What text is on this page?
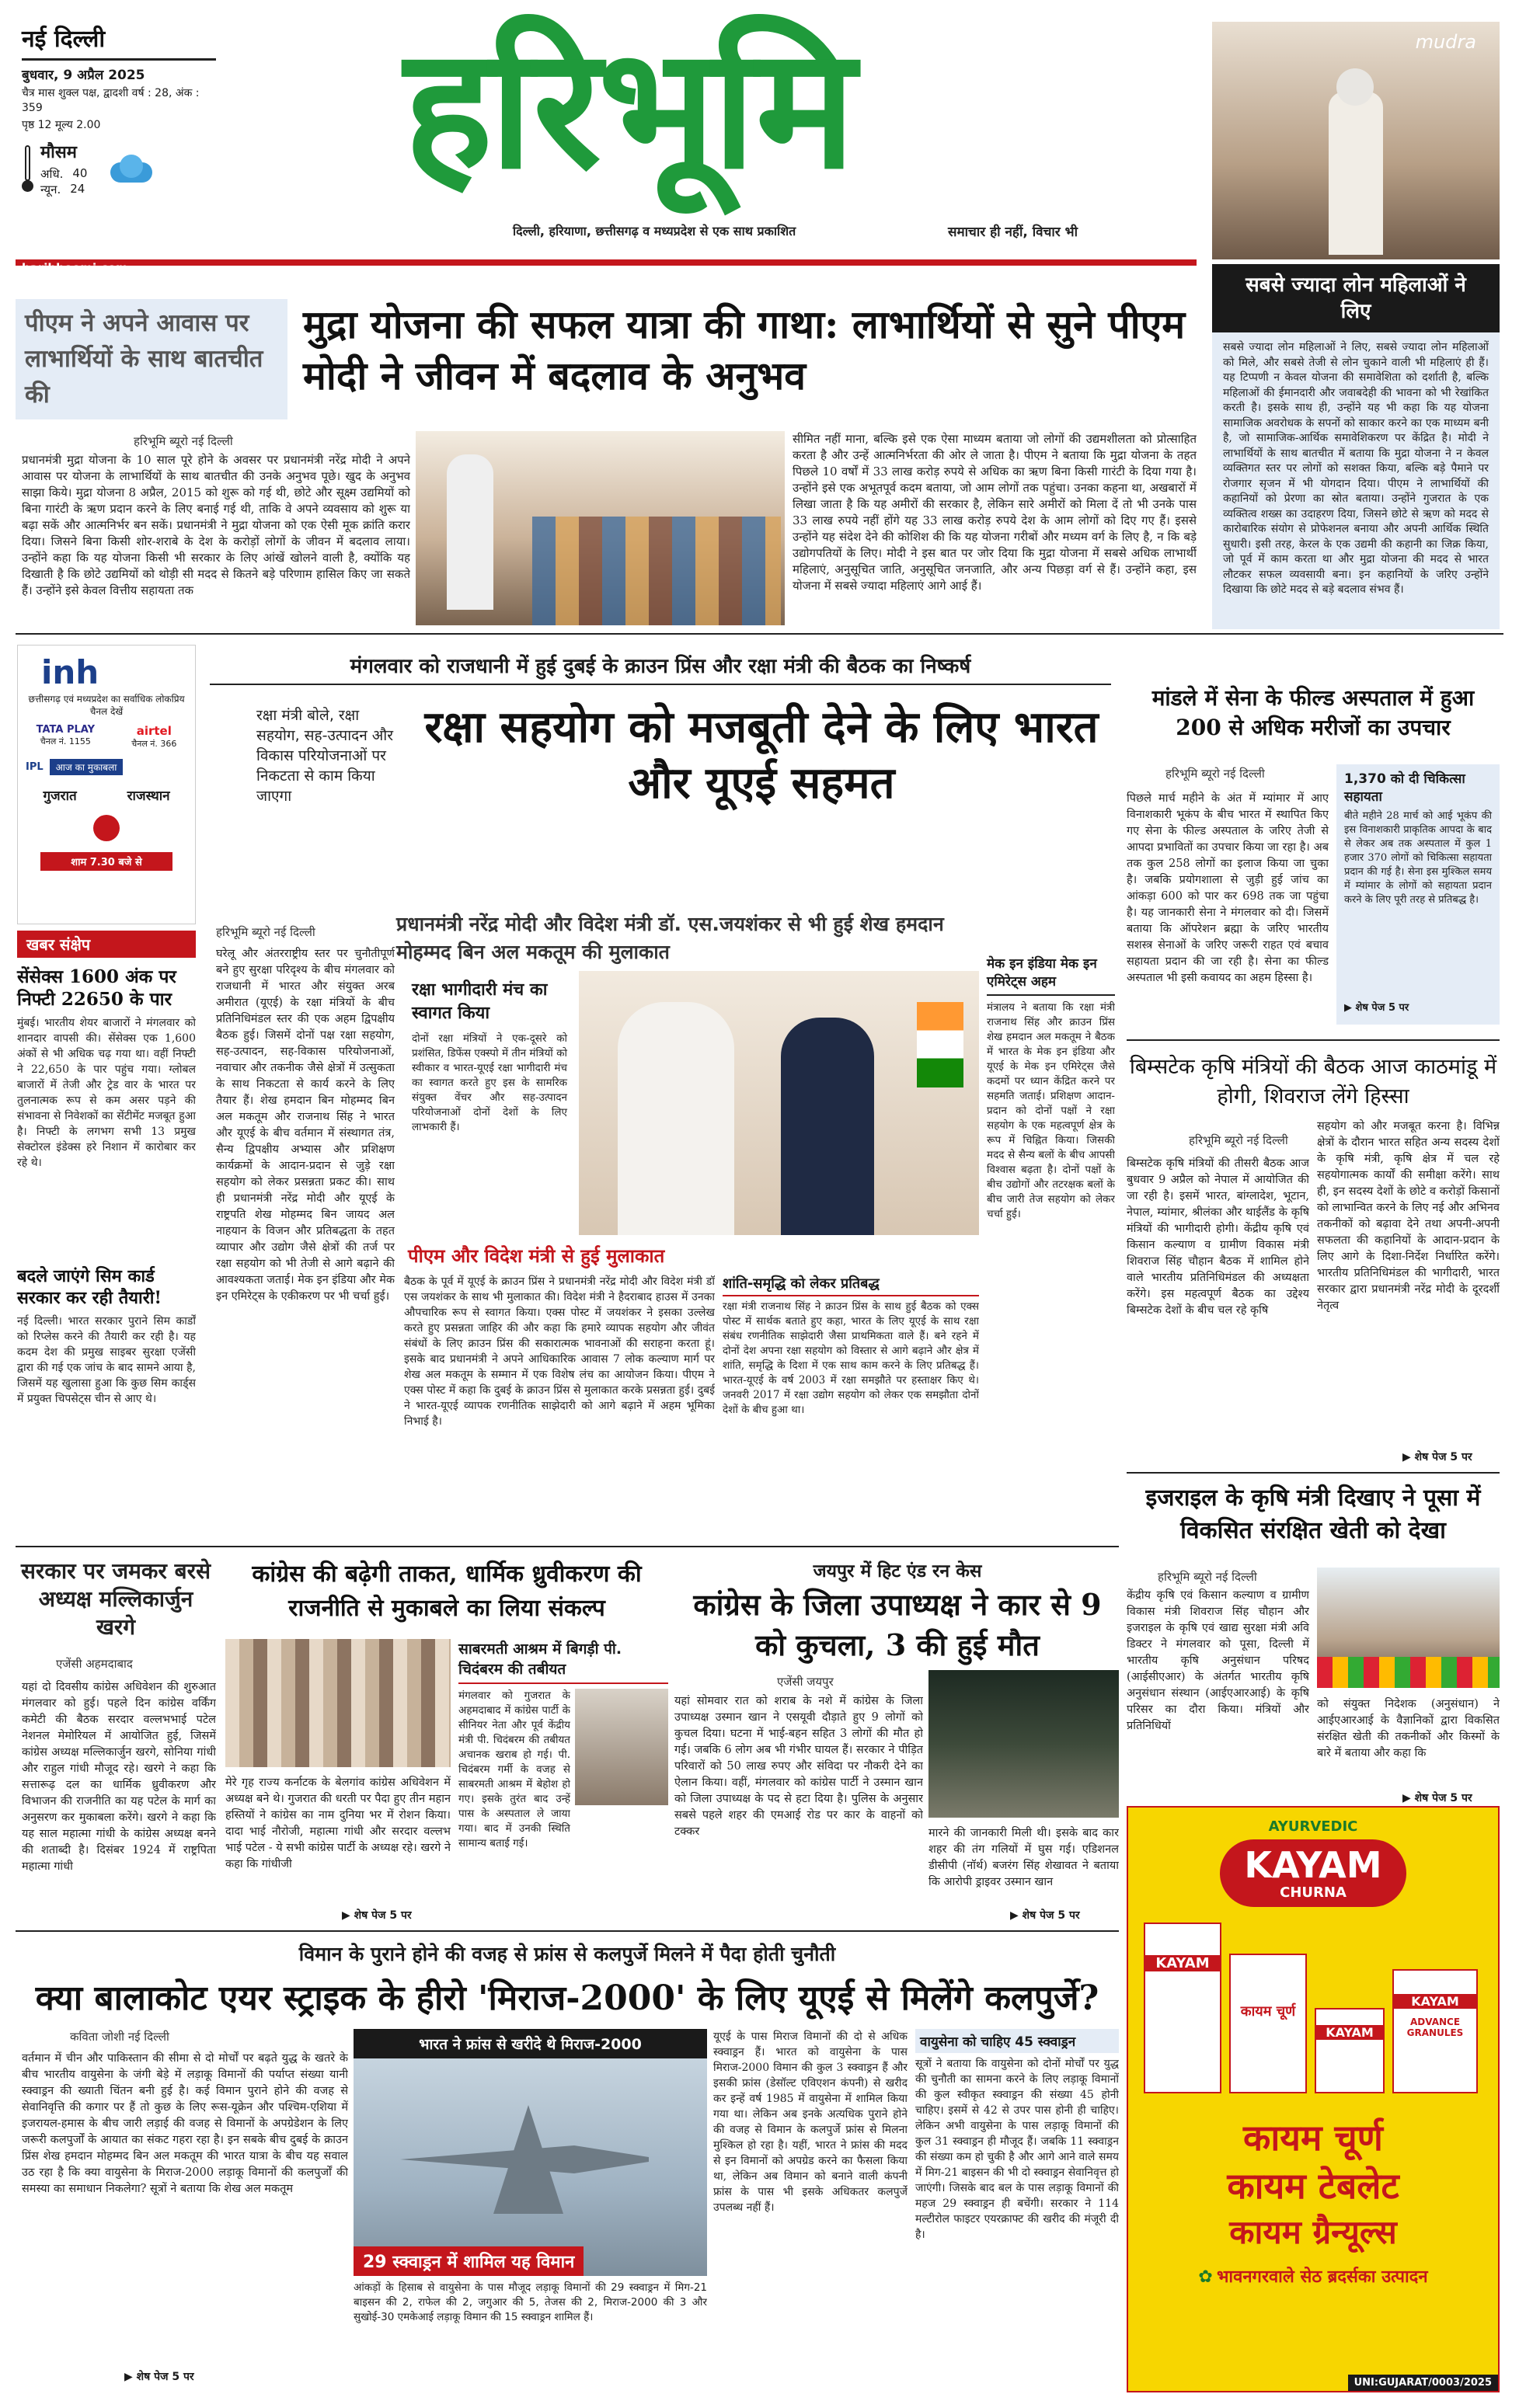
नई दिल्ली
बुधवार, 9 अप्रैल 2025
चैत्र मास शुक्ल पक्ष, द्वादशी वर्ष : 28, अंक : 359
पृष्ठ 12 मूल्य 2.00
मौसम
अधि. 40
न्यून. 24 हरिभूमि
दिल्ली, हरियाणा, छत्तीसगढ़ व मध्यप्रदेश से एक साथ प्रकाशित	समाचार ही नहीं, विचार भी
mudra
haribhoomi.com
पीएम ने अपने आवास पर लाभार्थियों के साथ बातचीत की
मुद्रा योजना की सफल यात्रा की गाथा: लाभार्थियों से सुने पीएम मोदी ने जीवन में बदलाव के अनुभव
हरिभूमि ब्यूरो नई दिल्ली
प्रधानमंत्री मुद्रा योजना के 10 साल पूरे होने के अवसर पर प्रधानमंत्री नरेंद्र मोदी ने अपने आवास पर योजना के लाभार्थियों के साथ बातचीत की उनके अनुभव पूछे। खुद के अनुभव साझा किये। मुद्रा योजना 8 अप्रैल, 2015 को शुरू को गई थी, छोटे और सूक्ष्म उद्यमियों को बिना गारंटी के ऋण प्रदान करने के लिए बनाई गई थी, ताकि वे अपने व्यवसाय को शुरू या बढ़ा सकें और आत्मनिर्भर बन सकें। प्रधानमंत्री ने मुद्रा योजना को एक ऐसी मूक क्रांति करार दिया। जिसने बिना किसी शोर-शराबे के देश के करोड़ों लोगों के जीवन में बदलाव लाया। उन्होंने कहा कि यह योजना किसी भी सरकार के लिए आंखें खोलने वाली है, क्योंकि यह दिखाती है कि छोटे उद्यमियों को थोड़ी सी मदद से कितने बड़े परिणाम हासिल किए जा सकते हैं। उन्होंने इसे केवल वित्तीय सहायता तक
सीमित नहीं माना, बल्कि इसे एक ऐसा माध्यम बताया जो लोगों की उद्यमशीलता को प्रोत्साहित करता है और उन्हें आत्मनिर्भरता की ओर ले जाता है। पीएम ने बताया कि मुद्रा योजना के तहत पिछले 10 वर्षों में 33 लाख करोड़ रुपये से अधिक का ऋण बिना किसी गारंटी के दिया गया है। उन्होंने इसे एक अभूतपूर्व कदम बताया, जो आम लोगों तक पहुंचा। उनका कहना था, अखबारों में लिखा जाता है कि यह अमीरों की सरकार है, लेकिन सारे अमीरों को मिला दें तो भी उनके पास 33 लाख रुपये नहीं होंगे यह 33 लाख करोड़ रुपये देश के आम लोगों को दिए गए हैं। इससे उन्होंने यह संदेश देने की कोशिश की कि यह योजना गरीबों और मध्यम वर्ग के लिए है, न कि बड़े उद्योगपतियों के लिए। मोदी ने इस बात पर जोर दिया कि मुद्रा योजना में सबसे अधिक लाभार्थी महिलाएं, अनुसूचित जाति, अनुसूचित जनजाति, और अन्य पिछड़ा वर्ग से हैं। उन्होंने कहा, इस योजना में सबसे ज्यादा महिलाएं आगे आई हैं।
सबसे ज्यादा लोन महिलाओं ने लिए
सबसे ज्यादा लोन महिलाओं ने लिए, सबसे ज्यादा लोन महिलाओं को मिले, और सबसे तेजी से लोन चुकाने वाली भी महिलाएं ही हैं। यह टिप्पणी न केवल योजना की समावेशिता को दर्शाती है, बल्कि महिलाओं की ईमानदारी और जवाबदेही की भावना को भी रेखांकित करती है। इसके साथ ही, उन्होंने यह भी कहा कि यह योजना सामाजिक अवरोधक के सपनों को साकार करने का एक माध्यम बनी है, जो सामाजिक-आर्थिक समावेशिकरण पर केंद्रित है। मोदी ने लाभार्थियों के साथ बातचीत में बताया कि मुद्रा योजना ने न केवल व्यक्तिगत स्तर पर लोगों को सशक्त किया, बल्कि बड़े पैमाने पर रोजगार सृजन में भी योगदान दिया। पीएम ने लाभार्थियों की कहानियों को प्रेरणा का स्रोत बताया। उन्होंने गुजरात के एक व्यक्तित्व शख्स का उदाहरण दिया, जिसने छोटे से ऋण को मदद से कारोबारिक संयोग से प्रोफेशनल बनाया और अपनी आर्थिक स्थिति सुधारी। इसी तरह, केरल के एक उद्यमी की कहानी का जिक्र किया, जो पूर्व में काम करता था और मुद्रा योजना की मदद से भारत लौटकर सफल व्यवसायी बना। इन कहानियों के जरिए उन्होंने दिखाया कि छोटे मदद से बड़े बदलाव संभव हैं।
inh
छत्तीसगढ़ एवं मध्यप्रदेश का सर्वाधिक लोकप्रिय चैनल देखें
TATA PLAY
चैनल नं. 1155
airtel
चैनल नं. 366
IPL	आज का मुकाबला
गुजरात	राजस्थान
शाम 7.30 बजे से
खबर संक्षेप
सेंसेक्स 1600 अंक पर निफ्टी 22650 के पार
मुंबई। भारतीय शेयर बाजारों ने मंगलवार को शानदार वापसी की। सेंसेक्स एक 1,600 अंकों से भी अधिक चढ़ गया था। वहीं निफ्टी ने 22,650 के पार पहुंच गया। ग्लोबल बाजारों में तेजी और ट्रेड वार के भारत पर तुलनात्मक रूप से कम असर पड़ने की संभावना से निवेशकों का सेंटीमेंट मजबूत हुआ है। निफ्टी के लगभग सभी 13 प्रमुख सेक्टोरल इंडेक्स हरे निशान में कारोबार कर रहे थे।
बदले जाएंगे सिम कार्ड सरकार कर रही तैयारी!
नई दिल्ली। भारत सरकार पुराने सिम कार्डों को रिप्लेस करने की तैयारी कर रही है। यह कदम देश की प्रमुख साइबर सुरक्षा एजेंसी द्वारा की गई एक जांच के बाद सामने आया है, जिसमें यह खुलासा हुआ कि कुछ सिम कार्ड्स में प्रयुक्त चिपसेट्स चीन से आए थे।
मंगलवार को राजधानी में हुई दुबई के क्राउन प्रिंस और रक्षा मंत्री की बैठक का निष्कर्ष
रक्षा मंत्री बोले, रक्षा सहयोग, सह-उत्पादन और विकास परियोजनाओं पर निकटता से काम किया जाएगा
रक्षा सहयोग को मजबूती देने के लिए भारत और यूएई सहमत
हरिभूमि ब्यूरो नई दिल्ली	प्रधानमंत्री नरेंद्र मोदी और विदेश मंत्री डॉ. एस.जयशंकर से भी हुई शेख हमदान मोहम्मद बिन अल मकतूम की मुलाकात
घरेलू और अंतरराष्ट्रीय स्तर पर चुनौतीपूर्ण बने हुए सुरक्षा परिदृश्य के बीच मंगलवार को राजधानी में भारत और संयुक्त अरब अमीरात (यूएई) के रक्षा मंत्रियों के बीच प्रतिनिधिमंडल स्तर की एक अहम द्विपक्षीय बैठक हुई। जिसमें दोनों पक्ष रक्षा सहयोग, सह-उत्पादन, सह-विकास परियोजनाओं, नवाचार और तकनीक जैसे क्षेत्रों में उत्सुकता के साथ निकटता से कार्य करने के लिए तैयार हैं। शेख हमदान बिन मोहम्मद बिन अल मकतूम और राजनाथ सिंह ने भारत और यूएई के बीच वर्तमान में संस्थागत तंत्र, सैन्य द्विपक्षीय अभ्यास और प्रशिक्षण कार्यक्रमों के आदान-प्रदान से जुड़े रक्षा सहयोग को लेकर प्रसन्नता प्रकट की। साथ ही प्रधानमंत्री नरेंद्र मोदी और यूएई के राष्ट्रपति शेख मोहम्मद बिन जायद अल नाहयान के विजन और प्रतिबद्धता के तहत व्यापार और उद्योग जैसे क्षेत्रों की तर्ज पर रक्षा सहयोग को भी तेजी से आगे बढ़ाने की आवश्यकता जताई। मेक इन इंडिया और मेक इन एमिरेट्स के एकीकरण पर भी चर्चा हुई।
रक्षा भागीदारी मंच का स्वागत किया
दोनों रक्षा मंत्रियों ने एक-दूसरे को प्रशंसित, डिफेंस एक्स्पो में तीन मंत्रियों को स्वीकार व भारत-यूएई रक्षा भागीदारी मंच का स्वागत करते हुए इस के सामरिक संयुक्त वेंचर और सह-उत्पादन परियोजनाओं दोनों देशों के लिए लाभकारी हैं।
पीएम और विदेश मंत्री से हुई मुलाकात
बैठक के पूर्व में यूएई के क्राउन प्रिंस ने प्रधानमंत्री नरेंद्र मोदी और विदेश मंत्री डॉ एस जयशंकर के साथ भी मुलाकात की। विदेश मंत्री ने हैदराबाद हाउस में उनका औपचारिक रूप से स्वागत किया। एक्स पोस्ट में जयशंकर ने इसका उल्लेख करते हुए प्रसन्नता जाहिर की और कहा कि हमारे व्यापक सहयोग और जीवंत संबंधों के लिए क्राउन प्रिंस की सकारात्मक भावनाओं की सराहना करता हूं। इसके बाद प्रधानमंत्री ने अपने आधिकारिक आवास 7 लोक कल्याण मार्ग पर शेख अल मकतूम के सम्मान में एक विशेष लंच का आयोजन किया। पीएम ने एक्स पोस्ट में कहा कि दुबई के क्राउन प्रिंस से मुलाकात करके प्रसन्नता हुई। दुबई ने भारत-यूएई व्यापक रणनीतिक साझेदारी को आगे बढ़ाने में अहम भूमिका निभाई है।
शांति-समृद्धि को लेकर प्रतिबद्ध
रक्षा मंत्री राजनाथ सिंह ने क्राउन प्रिंस के साथ हुई बैठक को एक्स पोस्ट में सार्थक बताते हुए कहा, भारत के लिए यूएई के साथ रक्षा संबंध रणनीतिक साझेदारी जैसा प्राथमिकता वाले हैं। बने रहने में दोनों देश अपना रक्षा सहयोग को विस्तार से आगे बढ़ाने और क्षेत्र में शांति, समृद्धि के दिशा में एक साथ काम करने के लिए प्रतिबद्ध हैं। भारत-यूएई के वर्ष 2003 में रक्षा समझौते पर हस्ताक्षर किए थे। जनवरी 2017 में रक्षा उद्योग सहयोग को लेकर एक समझौता दोनों देशों के बीच हुआ था।
मेक इन इंडिया मेक इन एमिरेट्स अहम
मंत्रालय ने बताया कि रक्षा मंत्री राजनाथ सिंह और क्राउन प्रिंस शेख हमदान अल मकतूम ने बैठक में भारत के मेक इन इंडिया और यूएई के मेक इन एमिरेट्स जैसे कदमों पर ध्यान केंद्रित करने पर सहमति जताई। प्रशिक्षण आदान-प्रदान को दोनों पक्षों ने रक्षा सहयोग के एक महत्वपूर्ण क्षेत्र के रूप में चिह्नित किया। जिसकी मदद से सैन्य बलों के बीच आपसी विश्वास बढ़ता है। दोनों पक्षों के बीच उद्योगों और तटरक्षक बलों के बीच जारी तेज सहयोग को लेकर चर्चा हुई।
मांडले में सेना के फील्ड अस्पताल में हुआ 200 से अधिक मरीजों का उपचार
हरिभूमि ब्यूरो नई दिल्ली
पिछले मार्च महीने के अंत में म्यांमार में आए विनाशकारी भूकंप के बीच भारत में स्थापित किए गए सेना के फील्ड अस्पताल के जरिए तेजी से आपदा प्रभावितों का उपचार किया जा रहा है। अब तक कुल 258 लोगों का इलाज किया जा चुका है। जबकि प्रयोगशाला से जुड़ी हुई जांच का आंकड़ा 600 को पार कर 698 तक जा पहुंचा है। यह जानकारी सेना ने मंगलवार को दी। जिसमें बताया कि ऑपरेशन ब्रह्मा के जरिए भारतीय सशस्त्र सेनाओं के जरिए जरूरी राहत एवं बचाव सहायता प्रदान की जा रही है। सेना का फील्ड अस्पताल भी इसी कवायद का अहम हिस्सा है।
1,370 को दी चिकित्सा सहायता
बीते महीने 28 मार्च को आई भूकंप की इस विनाशकारी प्राकृतिक आपदा के बाद से लेकर अब तक अस्पताल में कुल 1 हजार 370 लोगों को चिकित्सा सहायता प्रदान की गई है। सेना इस मुश्किल समय में म्यांमार के लोगों को सहायता प्रदान करने के लिए पूरी तरह से प्रतिबद्ध है।
▶ शेष पेज 5 पर
बिम्सटेक कृषि मंत्रियों की बैठक आज काठमांडू में होगी, शिवराज लेंगे हिस्सा
हरिभूमि ब्यूरो नई दिल्ली
बिम्सटेक कृषि मंत्रियों की तीसरी बैठक आज बुधवार 9 अप्रैल को नेपाल में आयोजित की जा रही है। इसमें भारत, बांग्लादेश, भूटान, नेपाल, म्यांमार, श्रीलंका और थाईलैंड के कृषि मंत्रियों की भागीदारी होगी। केंद्रीय कृषि एवं किसान कल्याण व ग्रामीण विकास मंत्री शिवराज सिंह चौहान बैठक में शामिल होने वाले भारतीय प्रतिनिधिमंडल की अध्यक्षता करेंगे। इस महत्वपूर्ण बैठक का उद्देश्य बिम्सटेक देशों के बीच चल रहे कृषि
सहयोग को और मजबूत करना है। विभिन्न क्षेत्रों के दौरान भारत सहित अन्य सदस्य देशों के कृषि मंत्री, कृषि क्षेत्र में चल रहे सहयोगात्मक कार्यों की समीक्षा करेंगे। साथ ही, इन सदस्य देशों के छोटे व करोड़ों किसानों को लाभान्वित करने के लिए नई और अभिनव तकनीकों को बढ़ावा देने तथा अपनी-अपनी सफलता की कहानियों के आदान-प्रदान के लिए आगे के दिशा-निर्देश निर्धारित करेंगे। भारतीय प्रतिनिधिमंडल की भागीदारी, भारत सरकार द्वारा प्रधानमंत्री नरेंद्र मोदी के दूरदर्शी नेतृत्व
▶ शेष पेज 5 पर
इजराइल के कृषि मंत्री दिखाए ने पूसा में विकसित संरक्षित खेती को देखा
हरिभूमि ब्यूरो नई दिल्ली
केंद्रीय कृषि एवं किसान कल्याण व ग्रामीण विकास मंत्री शिवराज सिंह चौहान और इजराइल के कृषि एवं खाद्य सुरक्षा मंत्री अवि डिक्टर ने मंगलवार को पूसा, दिल्ली में भारतीय कृषि अनुसंधान परिषद (आईसीएआर) के अंतर्गत भारतीय कृषि अनुसंधान संस्थान (आईएआरआई) के कृषि परिसर का दौरा किया। मंत्रियों और प्रतिनिधियों
को संयुक्त निदेशक (अनुसंधान) ने आईएआरआई के वैज्ञानिकों द्वारा विकसित संरक्षित खेती की तकनीकों और किस्मों के बारे में बताया और कहा कि
▶ शेष पेज 5 पर
सरकार पर जमकर बरसे अध्यक्ष मल्लिकार्जुन खरगे
एजेंसी अहमदाबाद
यहां दो दिवसीय कांग्रेस अधिवेशन की शुरुआत मंगलवार को हुई। पहले दिन कांग्रेस वर्किंग कमेटी की बैठक सरदार वल्लभभाई पटेल नेशनल मेमोरियल में आयोजित हुई, जिसमें कांग्रेस अध्यक्ष मल्लिकार्जुन खरगे, सोनिया गांधी और राहुल गांधी मौजूद रहे। खरगे ने कहा कि सत्तारूढ़ दल का धार्मिक ध्रुवीकरण और विभाजन की राजनीति का यह पटेल के मार्ग का अनुसरण कर मुकाबला करेंगे। खरगे ने कहा कि यह साल महात्मा गांधी के कांग्रेस अध्यक्ष बनने की शताब्दी है। दिसंबर 1924 में राष्ट्रपिता महात्मा गांधी
कांग्रेस की बढ़ेगी ताकत, धार्मिक ध्रुवीकरण की राजनीति से मुकाबले का लिया संकल्प
साबरमती आश्रम में बिगड़ी पी. चिदंबरम की तबीयत
मंगलवार को गुजरात के अहमदाबाद में कांग्रेस पार्टी के सीनियर नेता और पूर्व केंद्रीय मंत्री पी. चिदंबरम की तबीयत अचानक खराब हो गई। पी. चिदंबरम गर्मी के वजह से साबरमती आश्रम में बेहोश हो गए। इसके तुरंत बाद उन्हें पास के अस्पताल ले जाया गया। बाद में उनकी स्थिति सामान्य बताई गई।
मेरे गृह राज्य कर्नाटक के बेलगांव कांग्रेस अधिवेशन में अध्यक्ष बने थे। गुजरात की धरती पर पैदा हुए तीन महान हस्तियों ने कांग्रेस का नाम दुनिया भर में रोशन किया। दादा भाई नौरोजी, महात्मा गांधी और सरदार वल्लभ भाई पटेल - ये सभी कांग्रेस पार्टी के अध्यक्ष रहे। खरगे ने कहा कि गांधीजी
▶ शेष पेज 5 पर
जयपुर में हिट एंड रन केस
कांग्रेस के जिला उपाध्यक्ष ने कार से 9 को कुचला, 3 की हुई मौत
एजेंसी जयपुर
यहां सोमवार रात को शराब के नशे में कांग्रेस के जिला उपाध्यक्ष उस्मान खान ने एसयूवी दौड़ाते हुए 9 लोगों को कुचल दिया। घटना में भाई-बहन सहित 3 लोगों की मौत हो गई। जबकि 6 लोग अब भी गंभीर घायल हैं। सरकार ने पीड़ित परिवारों को 50 लाख रुपए और संविदा पर नौकरी देने का ऐलान किया। वहीं, मंगलवार को कांग्रेस पार्टी ने उस्मान खान को जिला उपाध्यक्ष के पद से हटा दिया है। पुलिस के अनुसार सबसे पहले शहर की एमआई रोड पर कार के वाहनों को टक्कर	मारने की जानकारी मिली थी। इसके बाद कार शहर की तंग गलियों में घुस गई। एडिशनल डीसीपी (नॉर्थ) बजरंग सिंह शेखावत ने बताया कि आरोपी ड्राइवर उस्मान खान
▶ शेष पेज 5 पर
विमान के पुराने होने की वजह से फ्रांस से कलपुर्जे मिलने में पैदा होती चुनौती
क्या बालाकोट एयर स्ट्राइक के हीरो 'मिराज-2000' के लिए यूएई से मिलेंगे कलपुर्जे?
कविता जोशी नई दिल्ली
वर्तमान में चीन और पाकिस्तान की सीमा से दो मोर्चों पर बढ़ते युद्ध के खतरे के बीच भारतीय वायुसेना के जंगी बेड़े में लड़ाकू विमानों की पर्याप्त संख्या यानी स्क्वाड्रन की ख्याती चिंतन बनी हुई है। कई विमान पुराने होने की वजह से सेवानिवृत्ति की कगार पर हैं तो कुछ के लिए रूस-यूक्रेन और पश्चिम-एशिया में इजरायल-हमास के बीच जारी लड़ाई की वजह से विमानों के अपग्रेडेशन के लिए जरूरी कलपुर्जों के आयात का संकट गहरा रहा है। इन सबके बीच दुबई के क्राउन प्रिंस शेख हमदान मोहम्मद बिन अल मकतूम की भारत यात्रा के बीच यह सवाल उठ रहा है कि क्या वायुसेना के मिराज-2000 लड़ाकू विमानों की कलपुर्जों की समस्या का समाधान निकलेगा? सूत्रों ने बताया कि शेख अल मकतूम
भारत ने फ्रांस से खरीदे थे मिराज-2000
29 स्क्वाड्रन में शामिल यह विमान
आंकड़ों के हिसाब से वायुसेना के पास मौजूद लड़ाकू विमानों की 29 स्क्वाड्रन में मिग-21 बाइसन की 2, राफेल की 2, जगुआर की 5, तेजस की 2, मिराज-2000 की 3 और सुखोई-30 एमकेआई लड़ाकू विमान की 15 स्क्वाड्रन शामिल हैं।
यूएई के पास मिराज विमानों की दो से अधिक स्क्वाड्रन हैं। भारत को वायुसेना के पास मिराज-2000 विमान की कुल 3 स्क्वाड्रन हैं और इसकी फ्रांस (डेसॉल्ट एविएशन कंपनी) से खरीद कर इन्हें वर्ष 1985 में वायुसेना में शामिल किया गया था। लेकिन अब इनके अत्यधिक पुराने होने की वजह से विमान के कलपुर्जे फ्रांस से मिलना मुश्किल हो रहा है। यहीं, भारत ने फ्रांस की मदद से इन विमानों को अपग्रेड करने का फैसला किया था, लेकिन अब विमान को बनाने वाली कंपनी फ्रांस के पास भी इसके अधिकतर कलपुर्जे उपलब्ध नहीं हैं।
वायुसेना को चाहिए 45 स्क्वाड्रन
सूत्रों ने बताया कि वायुसेना को दोनों मोर्चों पर युद्ध की चुनौती का सामना करने के लिए लड़ाकू विमानों की कुल स्वीकृत स्क्वाड्रन की संख्या 45 होनी चाहिए। इसमें से 42 से उपर पास होनी ही चाहिए। लेकिन अभी वायुसेना के पास लड़ाकू विमानों की कुल 31 स्क्वाड्रन ही मौजूद हैं। जबकि 11 स्क्वाड्रन की संख्या कम हो चुकी है और आगे आने वाले समय में मिग-21 बाइसन की भी दो स्क्वाड्रन सेवानिवृत्त हो जाएंगी। जिसके बाद बल के पास लड़ाकू विमानों की महज 29 स्क्वाड्रन ही बचेंगी। सरकार ने 114 मल्टीरोल फाइटर एयरक्राफ्ट की खरीद की मंजूरी दी है।
▶ शेष पेज 5 पर
AYURVEDIC
KAYAM
CHURNA
KAYAM
कायम चूर्ण
KAYAM
KAYAM
ADVANCE GRANULES
कायम चूर्ण
कायम टेबलेट
कायम ग्रैन्यूल्स
✿ भावनगरवाले सेठ ब्रदर्सका उत्पादन
UNI:GUJARAT/0003/2025
